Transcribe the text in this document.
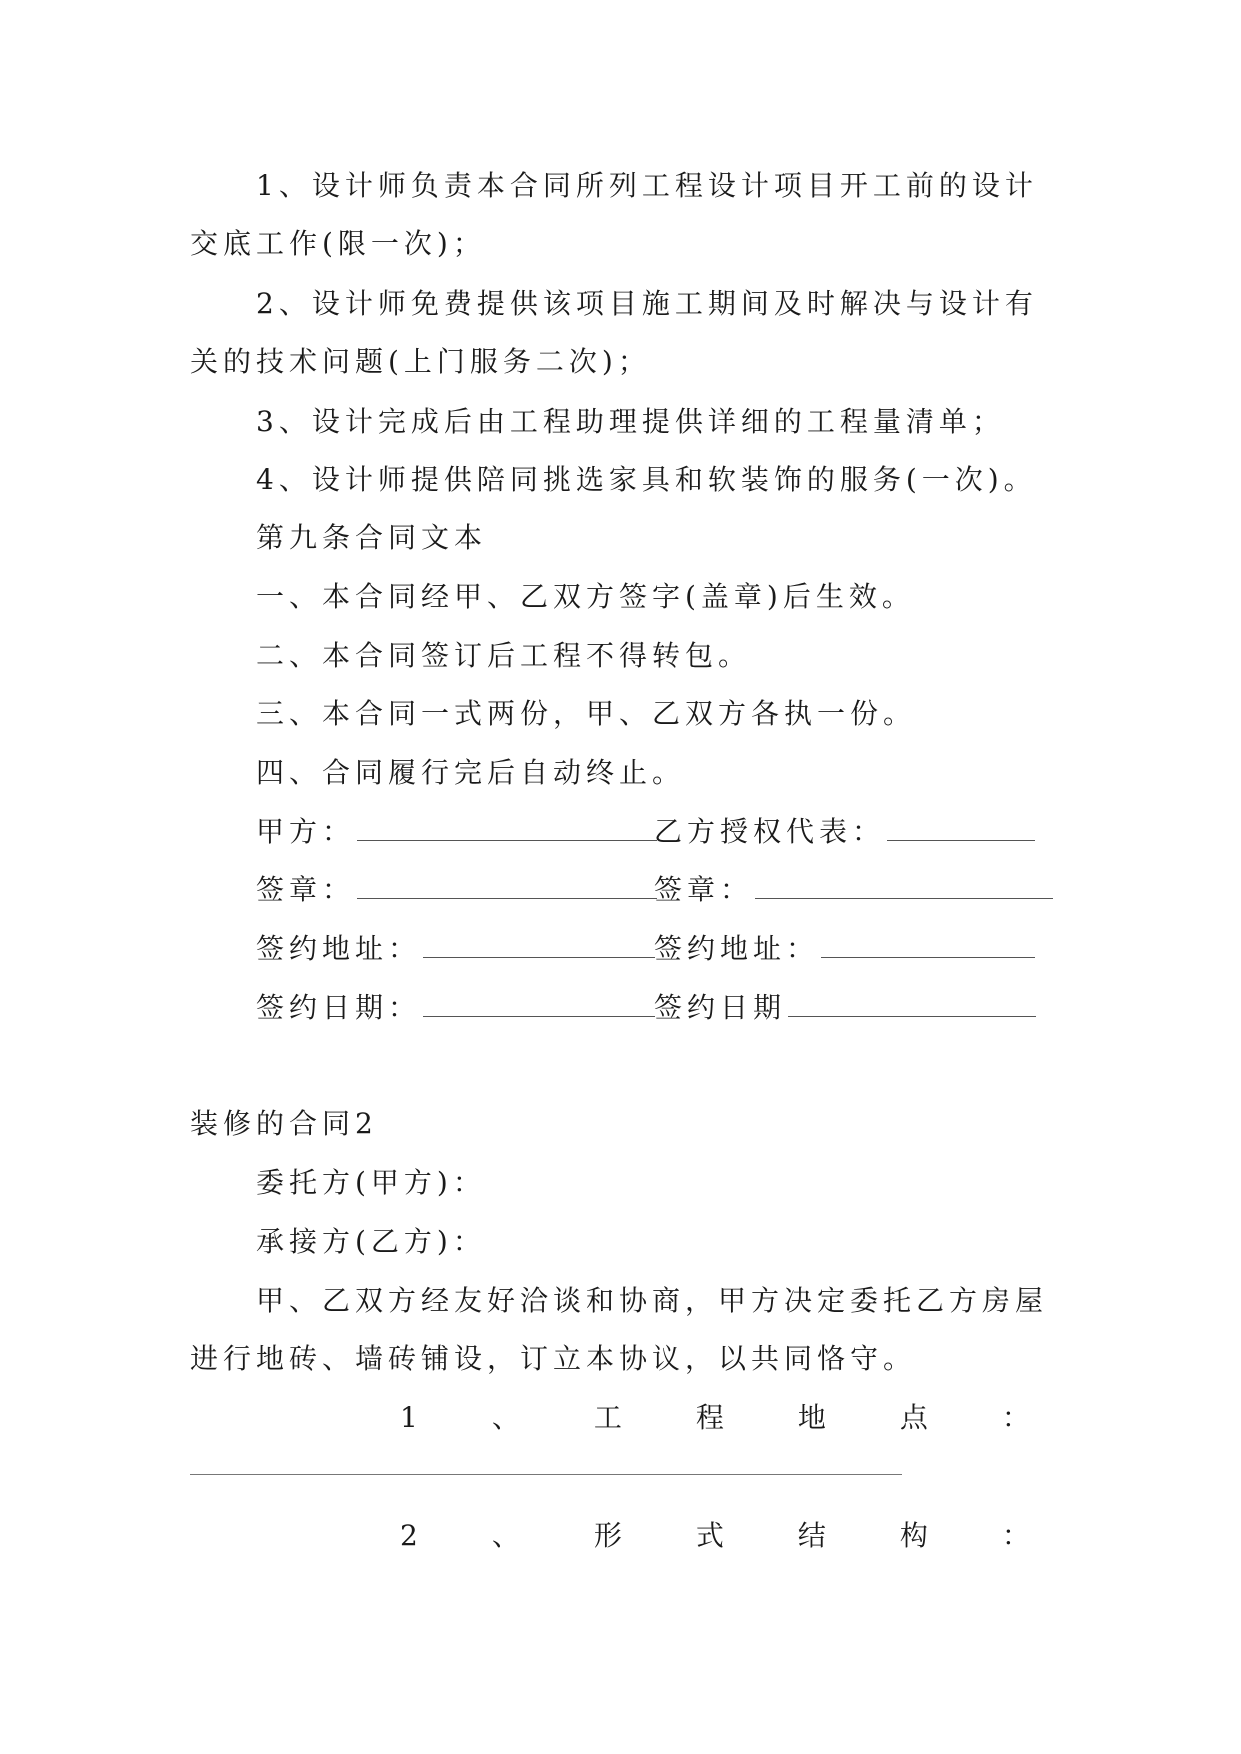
1、设计师负责本合同所列工程设计项目开工前的设计
交底工作(限一次)；
2、设计师免费提供该项目施工期间及时解决与设计有
关的技术问题(上门服务二次)；
3、设计完成后由工程助理提供详细的工程量清单；
4、设计师提供陪同挑选家具和软装饰的服务(一次)。
第九条合同文本
一、本合同经甲、乙双方签字(盖章)后生效。
二、本合同签订后工程不得转包。
三、本合同一式两份，甲、乙双方各执一份。
四、合同履行完后自动终止。
甲方：	乙方授权代表：
签章：	签章：
签约地址：	签约地址：
签约日期：	签约日期
装修的合同2
委托方(甲方)：
承接方(乙方)：
甲、乙双方经友好洽谈和协商，甲方决定委托乙方房屋
进行地砖、墙砖铺设，订立本协议，以共同恪守。
1	、	工	程	地	点	：
2	、	形	式	结	构	：
